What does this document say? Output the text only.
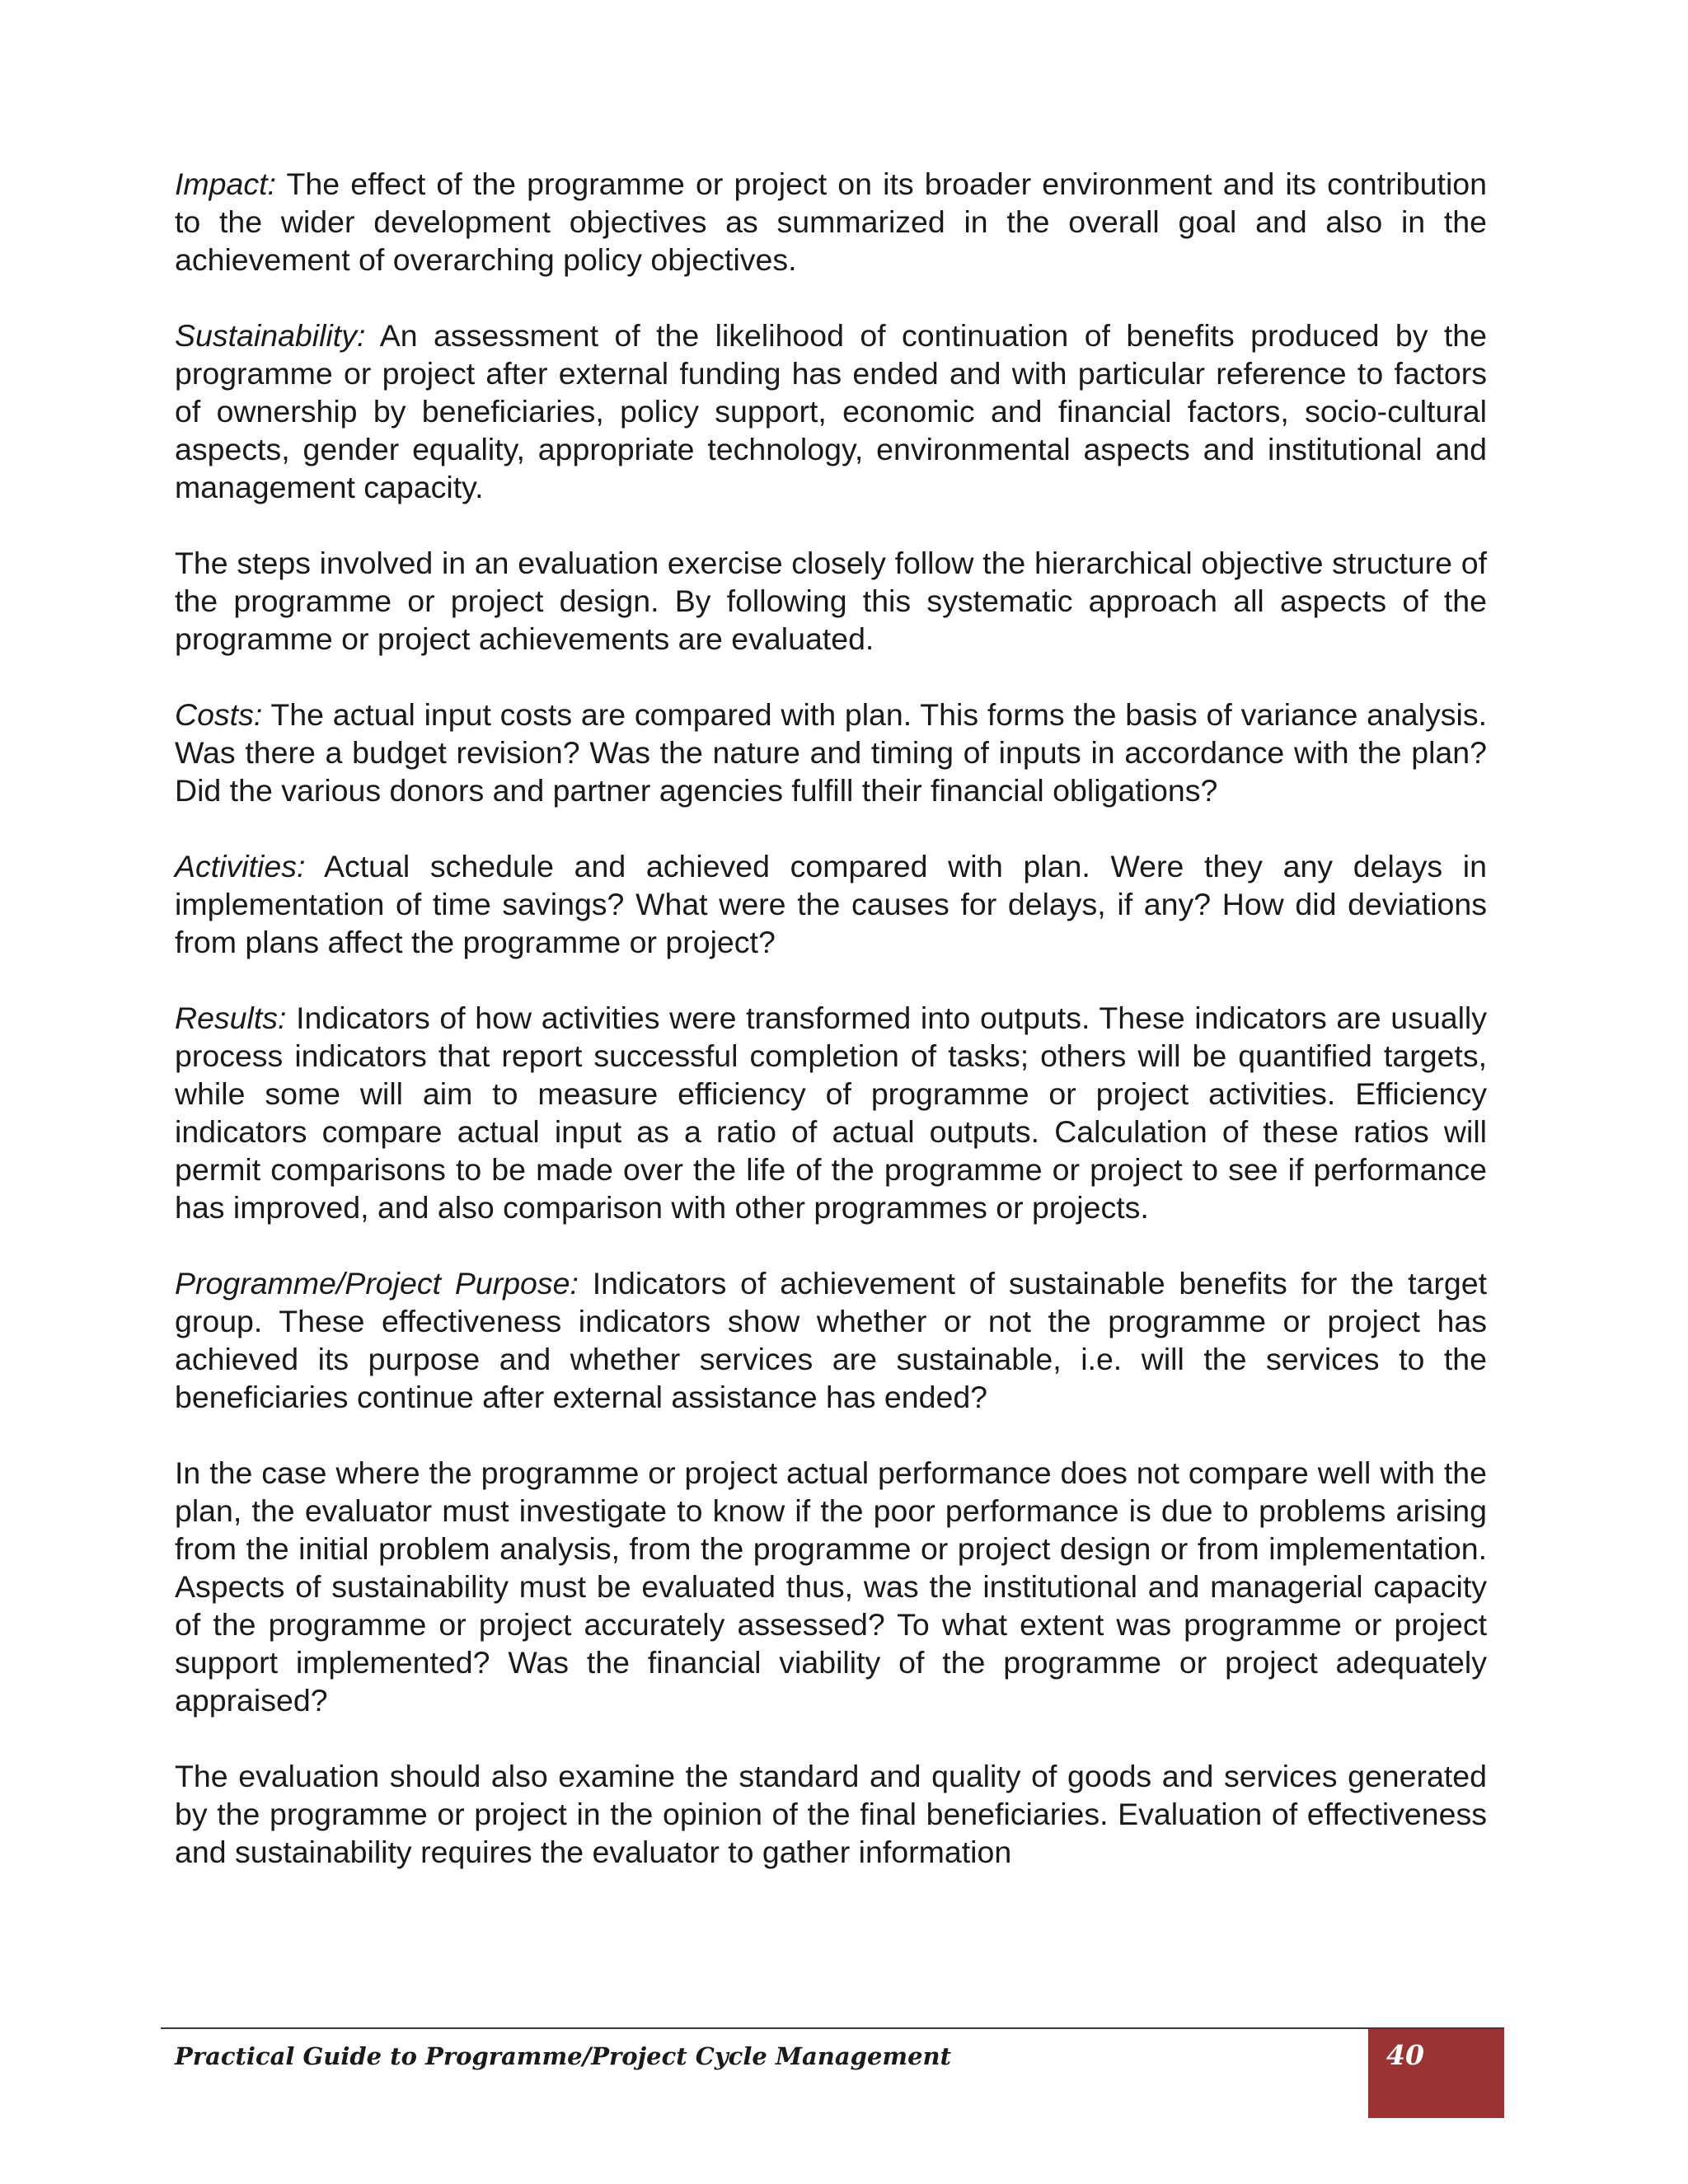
Impact: The effect of the programme or project on its broader environment and its contribution to the wider development objectives as summarized in the overall goal and also in the achievement of overarching policy objectives.

Sustainability: An assessment of the likelihood of continuation of benefits produced by the programme or project after external funding has ended and with particular reference to factors of ownership by beneficiaries, policy support, economic and financial factors, socio-cultural aspects, gender equality, appropriate technology, environmental aspects and institutional and management capacity.

The steps involved in an evaluation exercise closely follow the hierarchical objective structure of the programme or project design. By following this systematic approach all aspects of the programme or project achievements are evaluated.

Costs: The actual input costs are compared with plan. This forms the basis of variance analysis. Was there a budget revision? Was the nature and timing of inputs in accordance with the plan? Did the various donors and partner agencies fulfill their financial obligations?

Activities: Actual schedule and achieved compared with plan. Were they any delays in implementation of time savings? What were the causes for delays, if any? How did deviations from plans affect the programme or project?

Results: Indicators of how activities were transformed into outputs. These indicators are usually process indicators that report successful completion of tasks; others will be quantified targets, while some will aim to measure efficiency of programme or project activities. Efficiency indicators compare actual input as a ratio of actual outputs. Calculation of these ratios will permit comparisons to be made over the life of the programme or project to see if performance has improved, and also comparison with other programmes or projects.

Programme/Project Purpose: Indicators of achievement of sustainable benefits for the target group. These effectiveness indicators show whether or not the programme or project has achieved its purpose and whether services are sustainable, i.e. will the services to the beneficiaries continue after external assistance has ended?

In the case where the programme or project actual performance does not compare well with the plan, the evaluator must investigate to know if the poor performance is due to problems arising from the initial problem analysis, from the programme or project design or from implementation. Aspects of sustainability must be evaluated thus, was the institutional and managerial capacity of the programme or project accurately assessed? To what extent was programme or project support implemented? Was the financial viability of the programme or project adequately appraised?

The evaluation should also examine the standard and quality of goods and services generated by the programme or project in the opinion of the final beneficiaries. Evaluation of effectiveness and sustainability requires the evaluator to gather information

Practical Guide to Programme/Project Cycle Management	40
